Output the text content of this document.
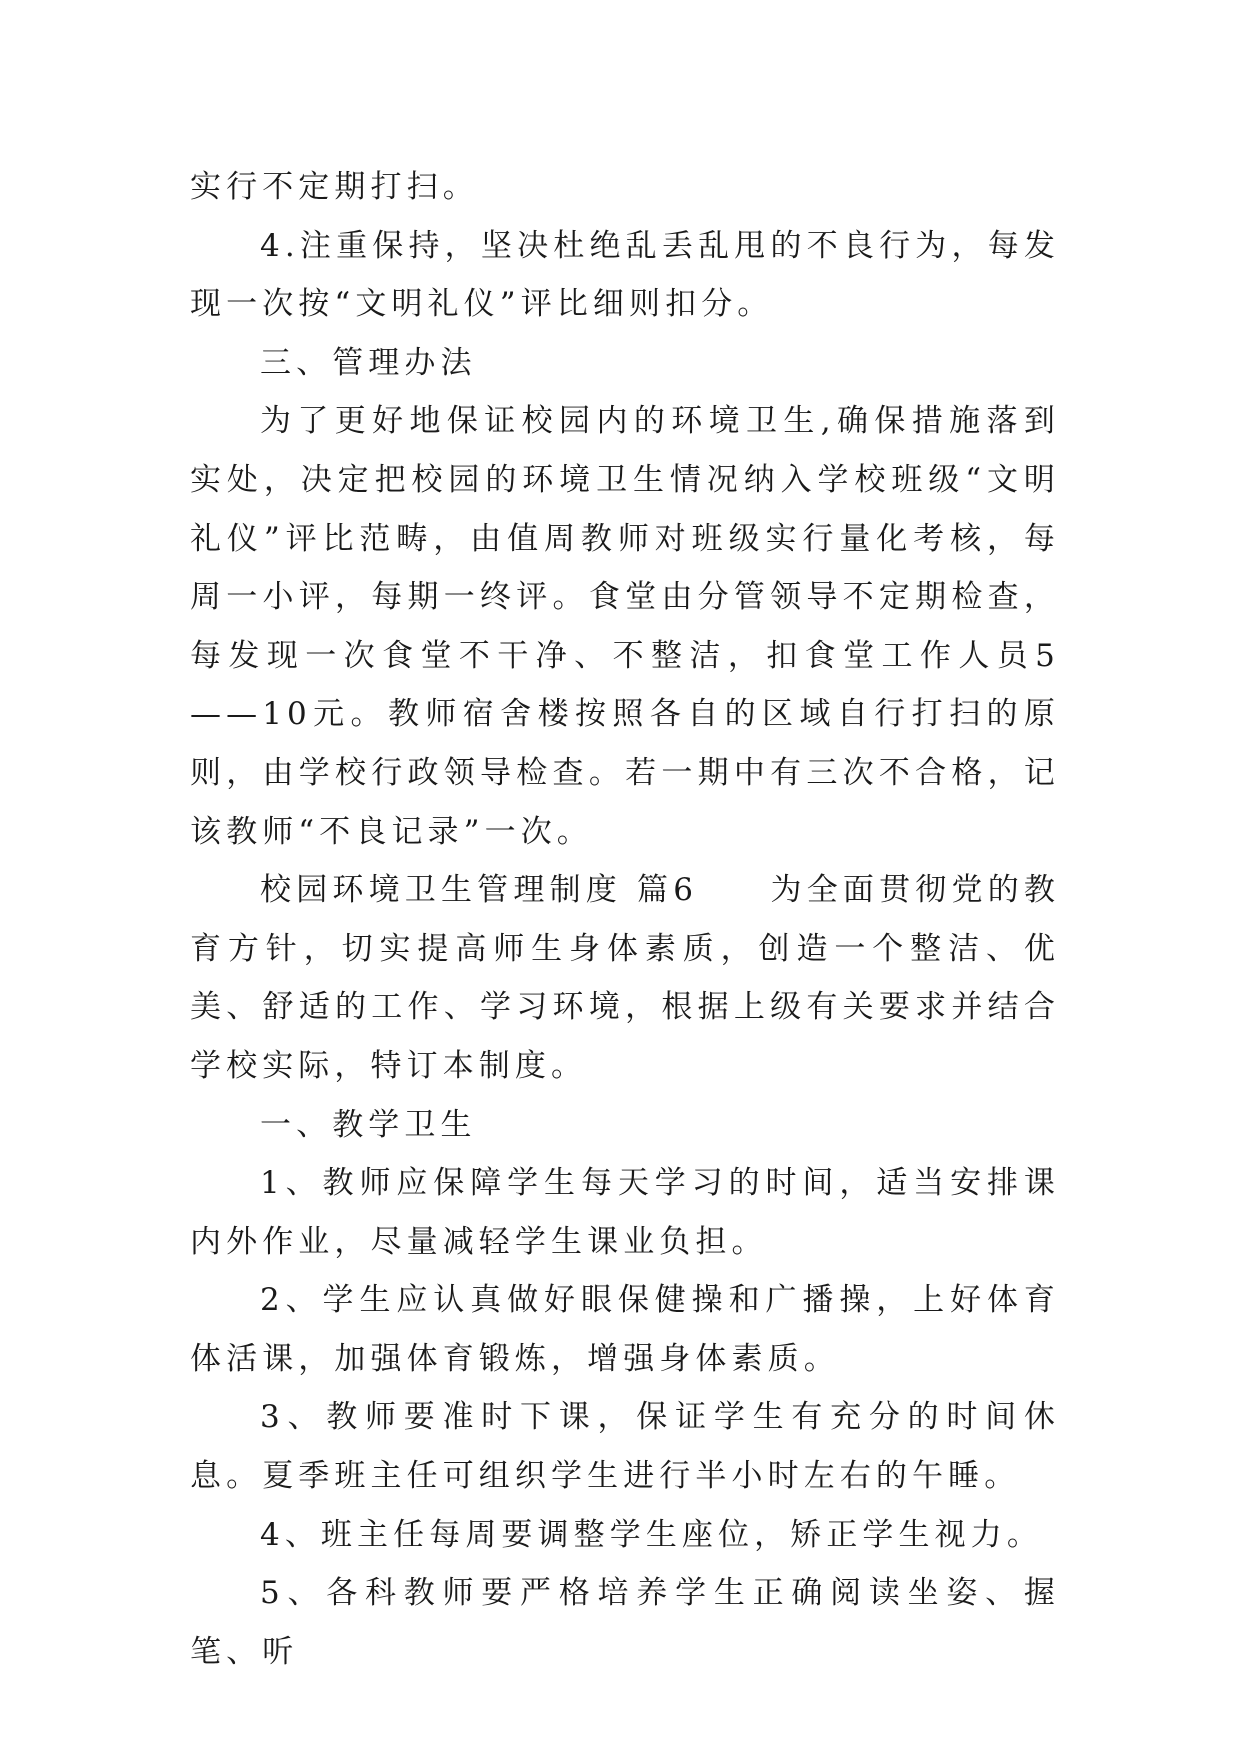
实行不定期打扫。

4.注重保持，坚决杜绝乱丢乱甩的不良行为，每发现一次按“文明礼仪”评比细则扣分。

三、管理办法

为了更好地保证校园内的环境卫生,确保措施落到实处，决定把校园的环境卫生情况纳入学校班级“文明礼仪”评比范畴，由值周教师对班级实行量化考核，每周一小评，每期一终评。食堂由分管领导不定期检查，每发现一次食堂不干净、不整洁，扣食堂工作人员5——10元。教师宿舍楼按照各自的区域自行打扫的原则，由学校行政领导检查。若一期中有三次不合格，记该教师“不良记录”一次。

校园环境卫生管理制度 篇6　　为全面贯彻党的教育方针，切实提高师生身体素质，创造一个整洁、优美、舒适的工作、学习环境，根据上级有关要求并结合学校实际，特订本制度。

一、教学卫生

1、教师应保障学生每天学习的时间，适当安排课内外作业，尽量减轻学生课业负担。

2、学生应认真做好眼保健操和广播操，上好体育体活课，加强体育锻炼，增强身体素质。

3、教师要准时下课，保证学生有充分的时间休息。夏季班主任可组织学生进行半小时左右的午睡。

4、班主任每周要调整学生座位，矫正学生视力。

5、各科教师要严格培养学生正确阅读坐姿、握笔、听
